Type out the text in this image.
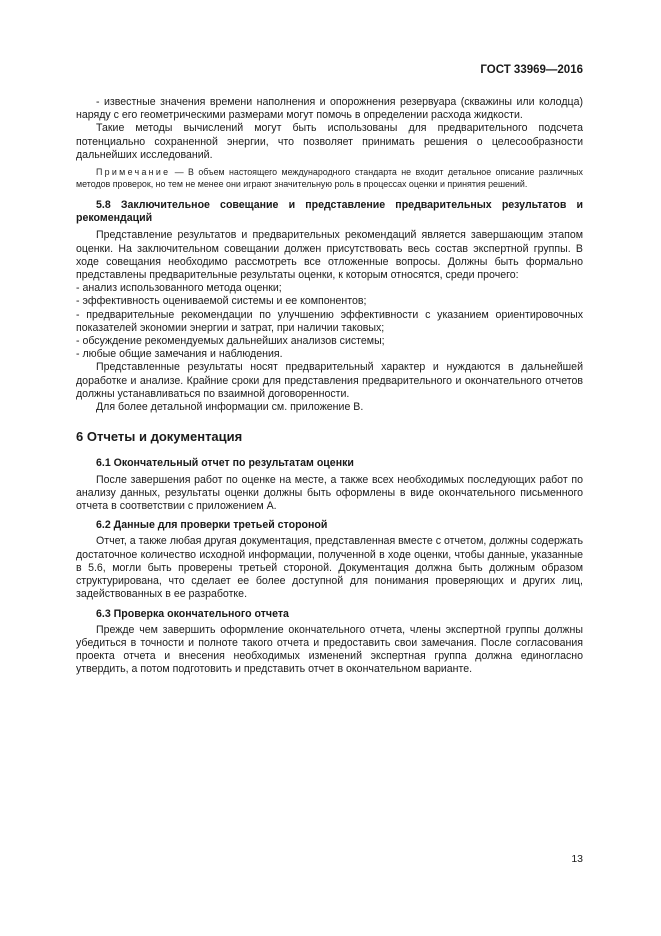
ГОСТ 33969—2016

- известные значения времени наполнения и опорожнения резервуара (скважины или колодца) наряду с его геометрическими размерами могут помочь в определении расхода жидкости.

Такие методы вычислений могут быть использованы для предварительного подсчета потенциально сохраненной энергии, что позволяет принимать решения о целесообразности дальнейших исследований.

Примечание — В объем настоящего международного стандарта не входит детальное описание различных методов проверок, но тем не менее они играют значительную роль в процессах оценки и принятия решений.

5.8 Заключительное совещание и представление предварительных результатов и рекомендаций

Представление результатов и предварительных рекомендаций является завершающим этапом оценки. На заключительном совещании должен присутствовать весь состав экспертной группы. В ходе совещания необходимо рассмотреть все отложенные вопросы. Должны быть формально представлены предварительные результаты оценки, к которым относятся, среди прочего:

- анализ использованного метода оценки;

- эффективность оцениваемой системы и ее компонентов;

- предварительные рекомендации по улучшению эффективности с указанием ориентировочных показателей экономии энергии и затрат, при наличии таковых;

- обсуждение рекомендуемых дальнейших анализов системы;

- любые общие замечания и наблюдения.

Представленные результаты носят предварительный характер и нуждаются в дальнейшей доработке и анализе. Крайние сроки для представления предварительного и окончательного отчетов должны устанавливаться по взаимной договоренности.

Для более детальной информации см. приложение В.

6 Отчеты и документация

6.1 Окончательный отчет по результатам оценки

После завершения работ по оценке на месте, а также всех необходимых последующих работ по анализу данных, результаты оценки должны быть оформлены в виде окончательного письменного отчета в соответствии с приложением А.

6.2 Данные для проверки третьей стороной

Отчет, а также любая другая документация, представленная вместе с отчетом, должны содержать достаточное количество исходной информации, полученной в ходе оценки, чтобы данные, указанные в 5.6, могли быть проверены третьей стороной. Документация должна быть должным образом структурирована, что сделает ее более доступной для понимания проверяющих и других лиц, задействованных в ее разработке.

6.3 Проверка окончательного отчета

Прежде чем завершить оформление окончательного отчета, члены экспертной группы должны убедиться в точности и полноте такого отчета и предоставить свои замечания. После согласования проекта отчета и внесения необходимых изменений экспертная группа должна единогласно утвердить, а потом подготовить и представить отчет в окончательном варианте.

13
